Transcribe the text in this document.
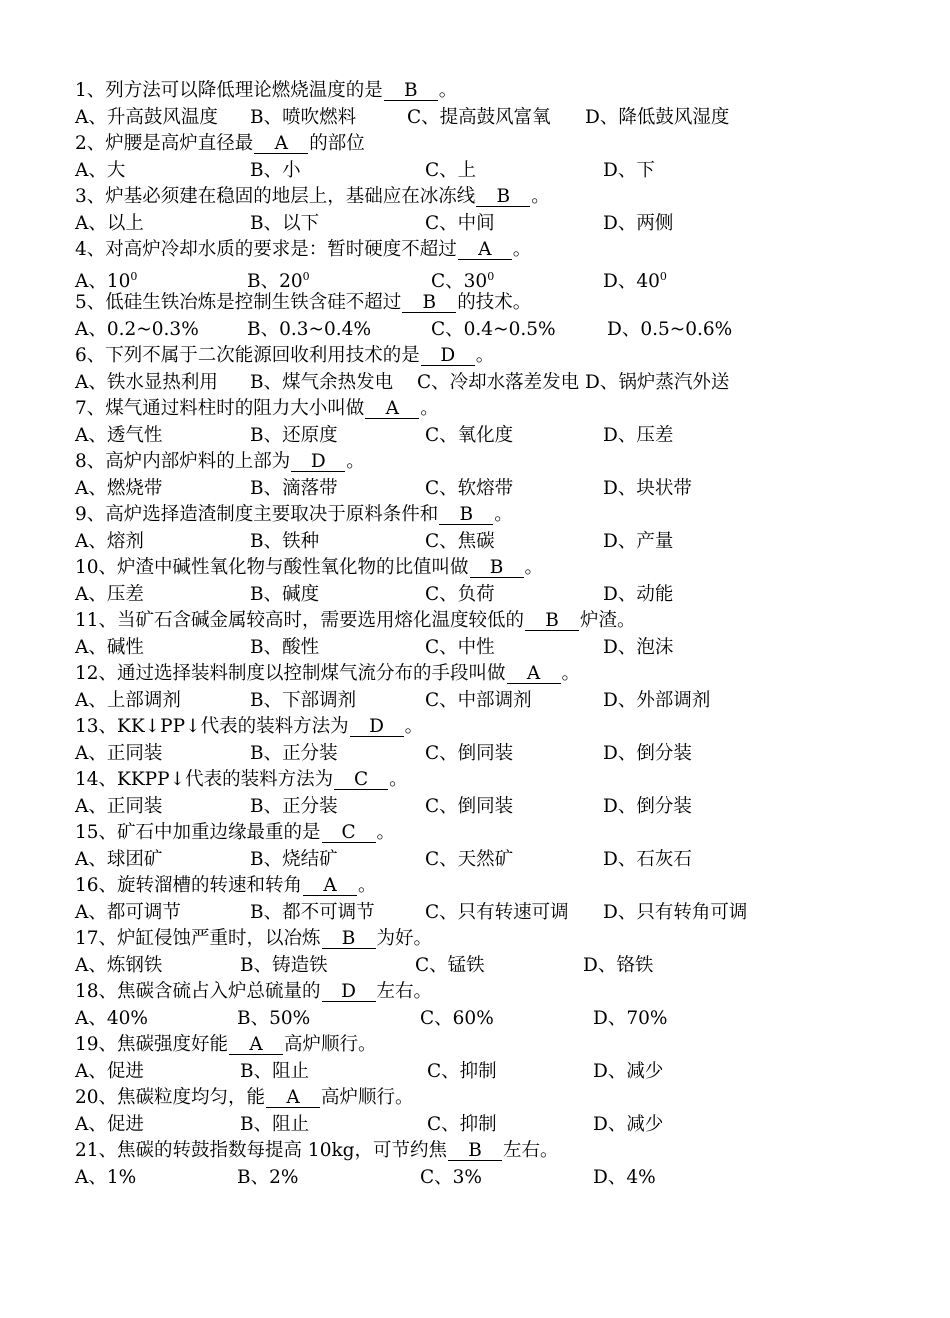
1、列方法可以降低理论燃烧温度的是 B 。
A、升高鼓风温度 B、喷吹燃料	C、提高鼓风富氧 D、降低鼓风湿度
2、炉腰是高炉直径最 A 的部位
A、大	B、小	C、上	D、下
3、炉基必须建在稳固的地层上，基础应在冰冻线 B 。
A、以上	B、以下	C、中间	D、两侧
4、对高炉冷却水质的要求是：暂时硬度不超过 A 。
A、$10^0$	B、$20^0$	C、$30^0$	D、$40^0$
5、低硅生铁冶炼是控制生铁含硅不超过 B 的技术。
A、0.2~0.3%	B、0.3~0.4%	C、0.4~0.5%	D、0.5~0.6%
6、下列不属于二次能源回收利用技术的是 D 。
A、铁水显热利用 B、煤气余热发电 C、冷却水落差发电 D、锅炉蒸汽外送
7、煤气通过料柱时的阻力大小叫做 A 。
A、透气性	B、还原度	C、氧化度	D、压差
8、高炉内部炉料的上部为 D 。
A、燃烧带	B、滴落带	C、软熔带	D、块状带
9、高炉选择造渣制度主要取决于原料条件和 B 。
A、熔剂	B、铁种	C、焦碳	D、产量
10、炉渣中碱性氧化物与酸性氧化物的比值叫做 B 。
A、压差	B、碱度	C、负荷	D、动能
11、当矿石含碱金属较高时，需要选用熔化温度较低的 B 炉渣。
A、碱性	B、酸性	C、中性	D、泡沫
12、通过选择装料制度以控制煤气流分布的手段叫做 A 。
A、上部调剂	B、下部调剂	C、中部调剂	D、外部调剂
13、KK↓PP↓代表的装料方法为 D 。
A、正同装	B、正分装	C、倒同装	D、倒分装
14、KKPP↓代表的装料方法为 C 。
A、正同装	B、正分装	C、倒同装	D、倒分装
15、矿石中加重边缘最重的是 C 。
A、球团矿	B、烧结矿	C、天然矿	D、石灰石
16、旋转溜槽的转速和转角 A 。
A、都可调节	B、都不可调节	C、只有转速可调 D、只有转角可调
17、炉缸侵蚀严重时，以冶炼 B 为好。
A、炼钢铁	B、铸造铁	C、锰铁	D、铬铁
18、焦碳含硫占入炉总硫量的 D 左右。
A、40%	B、50%	C、60%	D、70%
19、焦碳强度好能 A 高炉顺行。
A、促进	B、阻止	C、抑制	D、减少
20、焦碳粒度均匀，能 A 高炉顺行。
A、促进	B、阻止	C、抑制	D、减少
21、焦碳的转鼓指数每提高 10kg，可节约焦 B 左右。
A、1%	B、2%	C、3%	D、4%
